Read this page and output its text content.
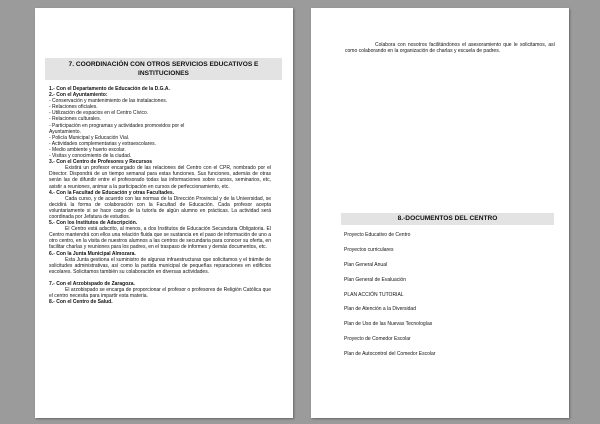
7. COORDINACIÓN CON OTROS SERVICIOS EDUCATIVOS E INSTITUCIONES

1.- Con el Departamento de Educación de la D.G.A.

2.- Con el Ayuntamiento:

- Conservación y mantenimiento de las instalaciones.

- Relaciones oficiales.

- Utilización de espacios en el Centro Cívico.

- Relaciones culturales.

- Participación en programas y actividades promovidos por el

Ayuntamiento.

- Policía Municipal y Educación Vial.

- Actividades complementarias y extraescolares.

- Medio ambiente y huerto escolar.

- Visitas y conocimiento de la ciudad.

3.- Con el Centro de Profesores y Recursos

Existirá un profesor encargado de las relaciones del Centro con el CPR, nombrado por el Director. Dispondrá de un tiempo semanal para estas funciones. Sus funciones, además de otras serán las de difundir entre el profesorado todas las informaciones sobre cursos, seminarios, etc, asistir a reuniones, animar a la participación en cursos de perfeccionamiento, etc.

4.- Con la Facultad de Educación y otras Facultades.

Cada curso, y de acuerdo con las normas de la Dirección Provincial y de la Universidad, se decidirá la forma de colaboración con la Facultad de Educación. Cada profesor acepta voluntariamente si se hace cargo de la tutoría de algún alumno en prácticas. La actividad será coordinada por Jefatura de estudios.

5.- Con los Institutos de Adscripción.

El Centro está adscrito, al menos, a dos Institutos de Educación Secundaria Obligatoria. El Centro mantendrá con ellos una relación fluida que se sustancia en el paso de información de uno a otro centro, en la visita de nuestros alumnos a las centros de secundaria para conocer su oferta, en facilitar charlas y reuniones para los padres, en el traspaso de informes y demás documentos, etc.

6.- Con la Junta Municipal Almozara.

Esta Junta gestiona el suministro de algunas infraestructuras que solicitamos y el trámite de solicitudes administrativas, así como la partida municipal de pequeñas reparaciones en edificios escolares. Solicitamos también su colaboración en diversas actividades.

7.- Con el Arzobispado de Zaragoza.

El arzobispado se encarga de proporcionar el profesor o profesores de Religión Católica que el centro necesita para impartir esta materia.

8.- Con el Centro de Salud.

Colabora con nosotros facilitándonos el asesoramiento que le solicitamos, así como colaborando en la organización de charlas y escuela de padres.

8.-DOCUMENTOS DEL CENTRO
Proyecto Educativo de Centro
Proyectos curriculares
Plan General Anual
Plan General de Evaluación
PLAN ACCIÓN TUTORIAL
Plan de Atención a la Diversidad
Plan de Uso de las Nuevas Tecnologías
Proyecto de Comedor Escolar
Plan de Autocontrol del Comedor Escolar
